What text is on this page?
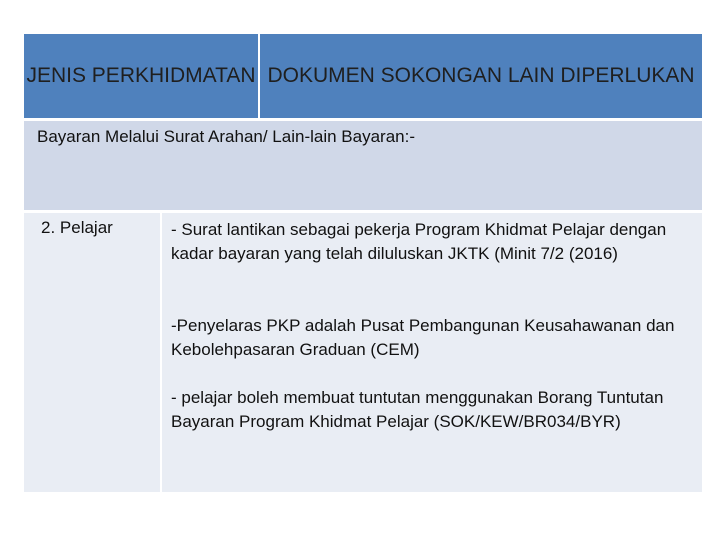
JENIS PERKHIDMATAN DOKUMEN SOKONGAN LAIN DIPERLUKAN
Bayaran Melalui Surat Arahan/ Lain-lain Bayaran:-
2. Pelajar	- Surat lantikan sebagai pekerja Program Khidmat Pelajar dengan kadar bayaran yang telah diluluskan JKTK (Minit 7/2 (2016)
-Penyelaras PKP adalah Pusat Pembangunan Keusahawanan dan Kebolehpasaran Graduan (CEM)
- pelajar boleh membuat tuntutan menggunakan Borang Tuntutan Bayaran Program Khidmat Pelajar (SOK/KEW/BR034/BYR)
